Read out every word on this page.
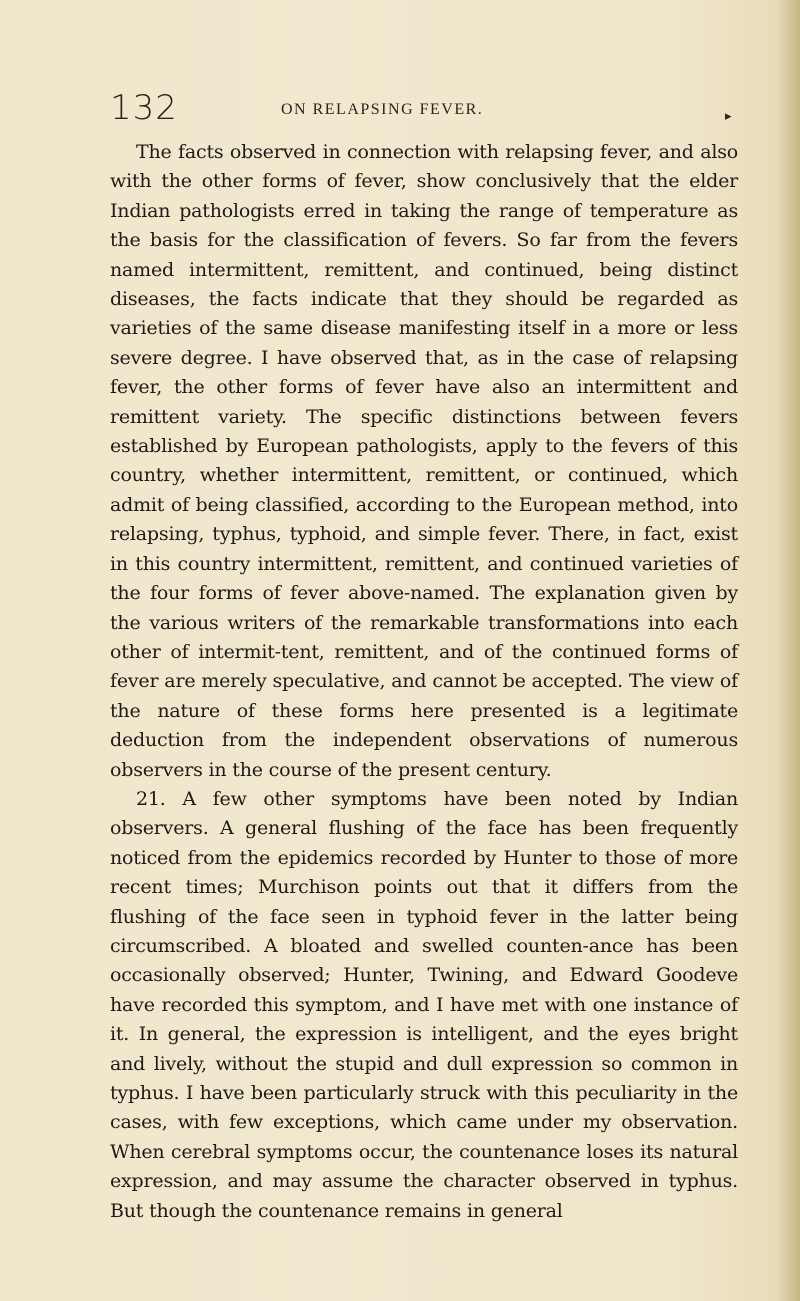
132	ON RELAPSING FEVER.	▸

The facts observed in connection with relapsing fever, and also with the other forms of fever, show conclusively that the elder Indian pathologists erred in taking the range of temperature as the basis for the classification of fevers. So far from the fevers named intermittent, remittent, and continued, being distinct diseases, the facts indicate that they should be regarded as varieties of the same disease manifesting itself in a more or less severe degree. I have observed that, as in the case of relapsing fever, the other forms of fever have also an intermittent and remittent variety. The specific distinctions between fevers established by European pathologists, apply to the fevers of this country, whether intermittent, remittent, or continued, which admit of being classified, according to the European method, into relapsing, typhus, typhoid, and simple fever. There, in fact, exist in this country intermittent, remittent, and continued varieties of the four forms of fever above-named. The explanation given by the various writers of the remarkable transformations into each other of intermit-tent, remittent, and of the continued forms of fever are merely speculative, and cannot be accepted. The view of the nature of these forms here presented is a legitimate deduction from the independent observations of numerous observers in the course of the present century.

21. A few other symptoms have been noted by Indian observers. A general flushing of the face has been frequently noticed from the epidemics recorded by Hunter to those of more recent times; Murchison points out that it differs from the flushing of the face seen in typhoid fever in the latter being circumscribed. A bloated and swelled counten-ance has been occasionally observed; Hunter, Twining, and Edward Goodeve have recorded this symptom, and I have met with one instance of it. In general, the expression is intelligent, and the eyes bright and lively, without the stupid and dull expression so common in typhus. I have been particularly struck with this peculiarity in the cases, with few exceptions, which came under my observation. When cerebral symptoms occur, the countenance loses its natural expression, and may assume the character observed in typhus. But though the countenance remains in general
